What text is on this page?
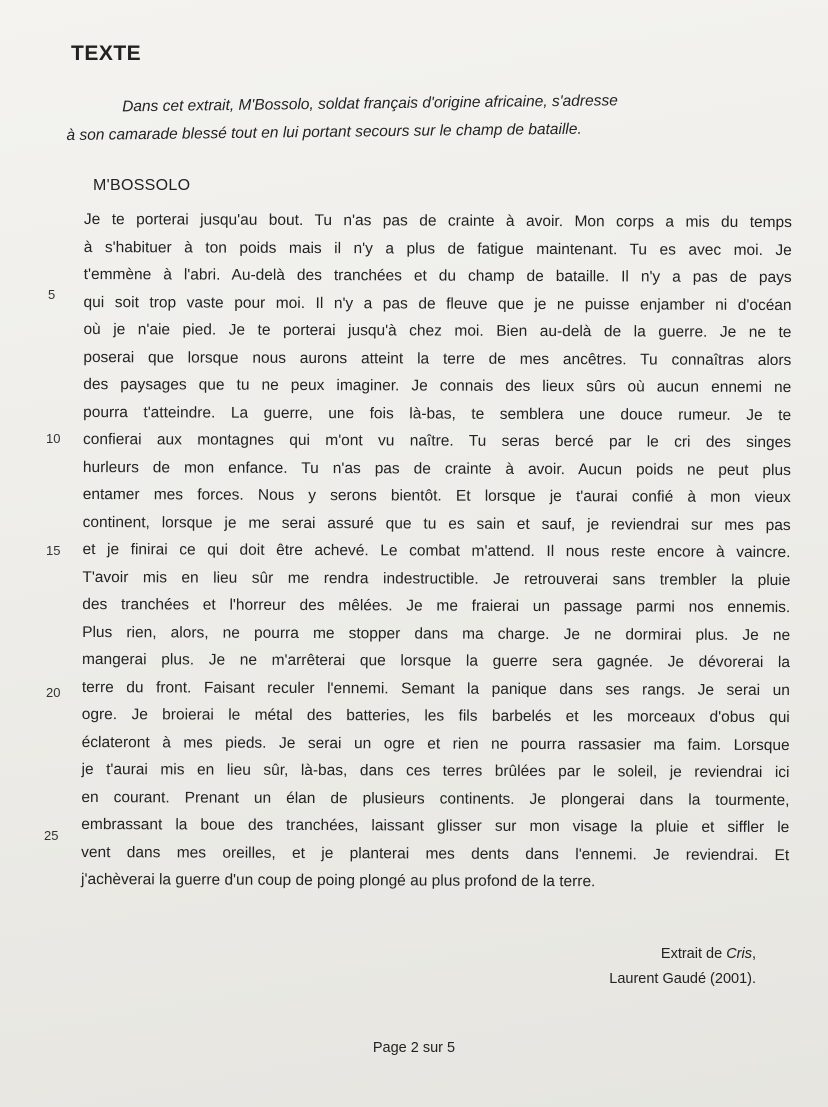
TEXTE
Dans cet extrait, M'Bossolo, soldat français d'origine africaine, s'adresse
à son camarade blessé tout en lui portant secours sur le champ de bataille.
M'BOSSOLO
5
10
15
20
25
Je te porterai jusqu'au bout. Tu n'as pas de crainte à avoir. Mon corps a mis du temps
à s'habituer à ton poids mais il n'y a plus de fatigue maintenant. Tu es avec moi. Je
t'emmène à l'abri. Au-delà des tranchées et du champ de bataille. Il n'y a pas de pays
qui soit trop vaste pour moi. Il n'y a pas de fleuve que je ne puisse enjamber ni d'océan
où je n'aie pied. Je te porterai jusqu'à chez moi. Bien au-delà de la guerre. Je ne te
poserai que lorsque nous aurons atteint la terre de mes ancêtres. Tu connaîtras alors
des paysages que tu ne peux imaginer. Je connais des lieux sûrs où aucun ennemi ne
pourra t'atteindre. La guerre, une fois là-bas, te semblera une douce rumeur. Je te
confierai aux montagnes qui m'ont vu naître. Tu seras bercé par le cri des singes
hurleurs de mon enfance. Tu n'as pas de crainte à avoir. Aucun poids ne peut plus
entamer mes forces. Nous y serons bientôt. Et lorsque je t'aurai confié à mon vieux
continent, lorsque je me serai assuré que tu es sain et sauf, je reviendrai sur mes pas
et je finirai ce qui doit être achevé. Le combat m'attend. Il nous reste encore à vaincre.
T'avoir mis en lieu sûr me rendra indestructible. Je retrouverai sans trembler la pluie
des tranchées et l'horreur des mêlées. Je me fraierai un passage parmi nos ennemis.
Plus rien, alors, ne pourra me stopper dans ma charge. Je ne dormirai plus. Je ne
mangerai plus. Je ne m'arrêterai que lorsque la guerre sera gagnée. Je dévorerai la
terre du front. Faisant reculer l'ennemi. Semant la panique dans ses rangs. Je serai un
ogre. Je broierai le métal des batteries, les fils barbelés et les morceaux d'obus qui
éclateront à mes pieds. Je serai un ogre et rien ne pourra rassasier ma faim. Lorsque
je t'aurai mis en lieu sûr, là-bas, dans ces terres brûlées par le soleil, je reviendrai ici
en courant. Prenant un élan de plusieurs continents. Je plongerai dans la tourmente,
embrassant la boue des tranchées, laissant glisser sur mon visage la pluie et siffler le
vent dans mes oreilles, et je planterai mes dents dans l'ennemi. Je reviendrai. Et
j'achèverai la guerre d'un coup de poing plongé au plus profond de la terre.
Extrait de Cris,
Laurent Gaudé (2001).
Page 2 sur 5
